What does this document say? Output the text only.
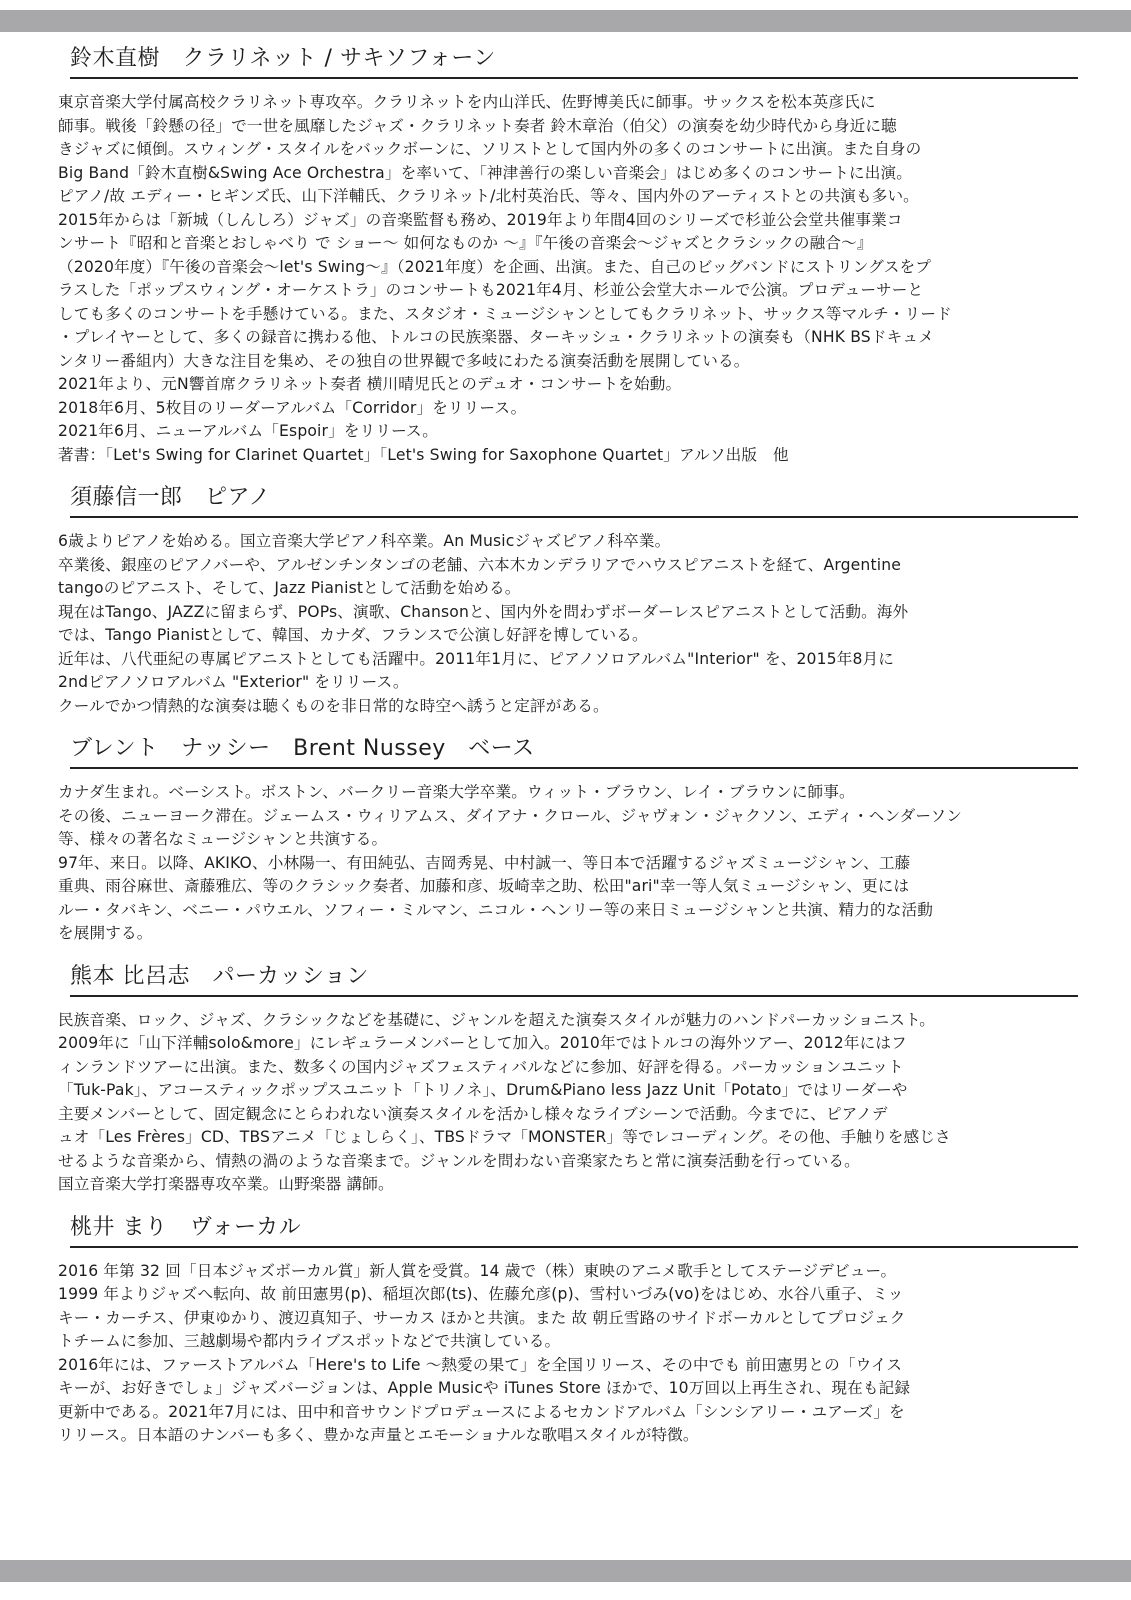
鈴木直樹　クラリネット / サキソフォーン
東京音楽大学付属高校クラリネット専攻卒。クラリネットを内山洋氏、佐野博美氏に師事。サックスを松本英彦氏に
師事。戦後「鈴懸の径」で一世を風靡したジャズ・クラリネット奏者 鈴木章治（伯父）の演奏を幼少時代から身近に聴
きジャズに傾倒。スウィング・スタイルをバックボーンに、ソリストとして国内外の多くのコンサートに出演。また自身の
Big Band「鈴木直樹&Swing Ace Orchestra」を率いて、「神津善行の楽しい音楽会」はじめ多くのコンサートに出演。
ピアノ/故 エディー・ヒギンズ氏、山下洋輔氏、クラリネット/北村英治氏、等々、国内外のアーティストとの共演も多い。
2015年からは「新城（しんしろ）ジャズ」の音楽監督も務め、2019年より年間4回のシリーズで杉並公会堂共催事業コ
ンサート『昭和と音楽とおしゃべり で ショー〜 如何なものか 〜』『午後の音楽会〜ジャズとクラシックの融合〜』
（2020年度）『午後の音楽会〜let's Swing〜』（2021年度）を企画、出演。また、自己のビッグバンドにストリングスをプ
ラスした「ポップスウィング・オーケストラ」のコンサートも2021年4月、杉並公会堂大ホールで公演。プロデューサーと
しても多くのコンサートを手懸けている。また、スタジオ・ミュージシャンとしてもクラリネット、サックス等マルチ・リード
・プレイヤーとして、多くの録音に携わる他、トルコの民族楽器、ターキッシュ・クラリネットの演奏も（NHK BSドキュメ
ンタリー番組内）大きな注目を集め、その独自の世界観で多岐にわたる演奏活動を展開している。
2021年より、元N響首席クラリネット奏者 横川晴児氏とのデュオ・コンサートを始動。
2018年6月、5枚目のリーダーアルバム「Corridor」をリリース。
2021年6月、ニューアルバム「Espoir」をリリース。
著書：「Let's Swing for Clarinet Quartet」「Let's Swing for Saxophone Quartet」アルソ出版　他
須藤信一郎　ピアノ
6歳よりピアノを始める。国立音楽大学ピアノ科卒業。An Musicジャズピアノ科卒業。
卒業後、銀座のピアノバーや、アルゼンチンタンゴの老舗、六本木カンデラリアでハウスピアニストを経て、Argentine
tangoのピアニスト、そして、Jazz Pianistとして活動を始める。
現在はTango、JAZZに留まらず、POPs、演歌、Chansonと、国内外を問わずボーダーレスピアニストとして活動。海外
では、Tango Pianistとして、韓国、カナダ、フランスで公演し好評を博している。
近年は、八代亜紀の専属ピアニストとしても活躍中。2011年1月に、ピアノソロアルバム"Interior" を、2015年8月に
2ndピアノソロアルバム "Exterior" をリリース。
クールでかつ情熱的な演奏は聴くものを非日常的な時空へ誘うと定評がある。
ブレント　ナッシー　Brent Nussey　ベース
カナダ生まれ。ベーシスト。ボストン、バークリー音楽大学卒業。ウィット・ブラウン、レイ・ブラウンに師事。
その後、ニューヨーク滞在。ジェームス・ウィリアムス、ダイアナ・クロール、ジャヴォン・ジャクソン、エディ・ヘンダーソン
等、様々の著名なミュージシャンと共演する。
97年、来日。以降、AKIKO、小林陽一、有田純弘、吉岡秀晃、中村誠一、等日本で活躍するジャズミュージシャン、工藤
重典、雨谷麻世、斎藤雅広、等のクラシック奏者、加藤和彦、坂崎幸之助、松田"ari"幸一等人気ミュージシャン、更には
ルー・タバキン、ベニー・パウエル、ソフィー・ミルマン、ニコル・ヘンリー等の来日ミュージシャンと共演、精力的な活動
を展開する。
熊本 比呂志　パーカッション
民族音楽、ロック、ジャズ、クラシックなどを基礎に、ジャンルを超えた演奏スタイルが魅力のハンドパーカッショニスト。
2009年に「山下洋輔solo&more」にレギュラーメンバーとして加入。2010年ではトルコの海外ツアー、2012年にはフ
ィンランドツアーに出演。また、数多くの国内ジャズフェスティバルなどに参加、好評を得る。パーカッションユニット
「Tuk-Pak」、アコースティックポップスユニット「トリノネ」、Drum&Piano less Jazz Unit「Potato」ではリーダーや
主要メンバーとして、固定観念にとらわれない演奏スタイルを活かし様々なライブシーンで活動。今までに、ピアノデ
ュオ「Les Frères」CD、TBSアニメ「じょしらく」、TBSドラマ「MONSTER」等でレコーディング。その他、手触りを感じさ
せるような音楽から、情熱の渦のような音楽まで。ジャンルを問わない音楽家たちと常に演奏活動を行っている。
国立音楽大学打楽器専攻卒業。山野楽器 講師。
桃井 まり　ヴォーカル
2016 年第 32 回「日本ジャズボーカル賞」新人賞を受賞。14 歳で（株）東映のアニメ歌手としてステージデビュー。
1999 年よりジャズへ転向、故 前田憲男(p)、稲垣次郎(ts)、佐藤允彦(p)、雪村いづみ(vo)をはじめ、水谷八重子、ミッ
キー・カーチス、伊東ゆかり、渡辺真知子、サーカス ほかと共演。また 故 朝丘雪路のサイドボーカルとしてプロジェク
トチームに参加、三越劇場や都内ライブスポットなどで共演している。
2016年には、ファーストアルバム「Here's to Life 〜熱愛の果て」を全国リリース、その中でも 前田憲男との「ウイス
キーが、お好きでしょ」ジャズバージョンは、Apple Musicや iTunes Store ほかで、10万回以上再生され、現在も記録
更新中である。2021年7月には、田中和音サウンドプロデュースによるセカンドアルバム「シンシアリー・ユアーズ」を
リリース。日本語のナンバーも多く、豊かな声量とエモーショナルな歌唱スタイルが特徴。
